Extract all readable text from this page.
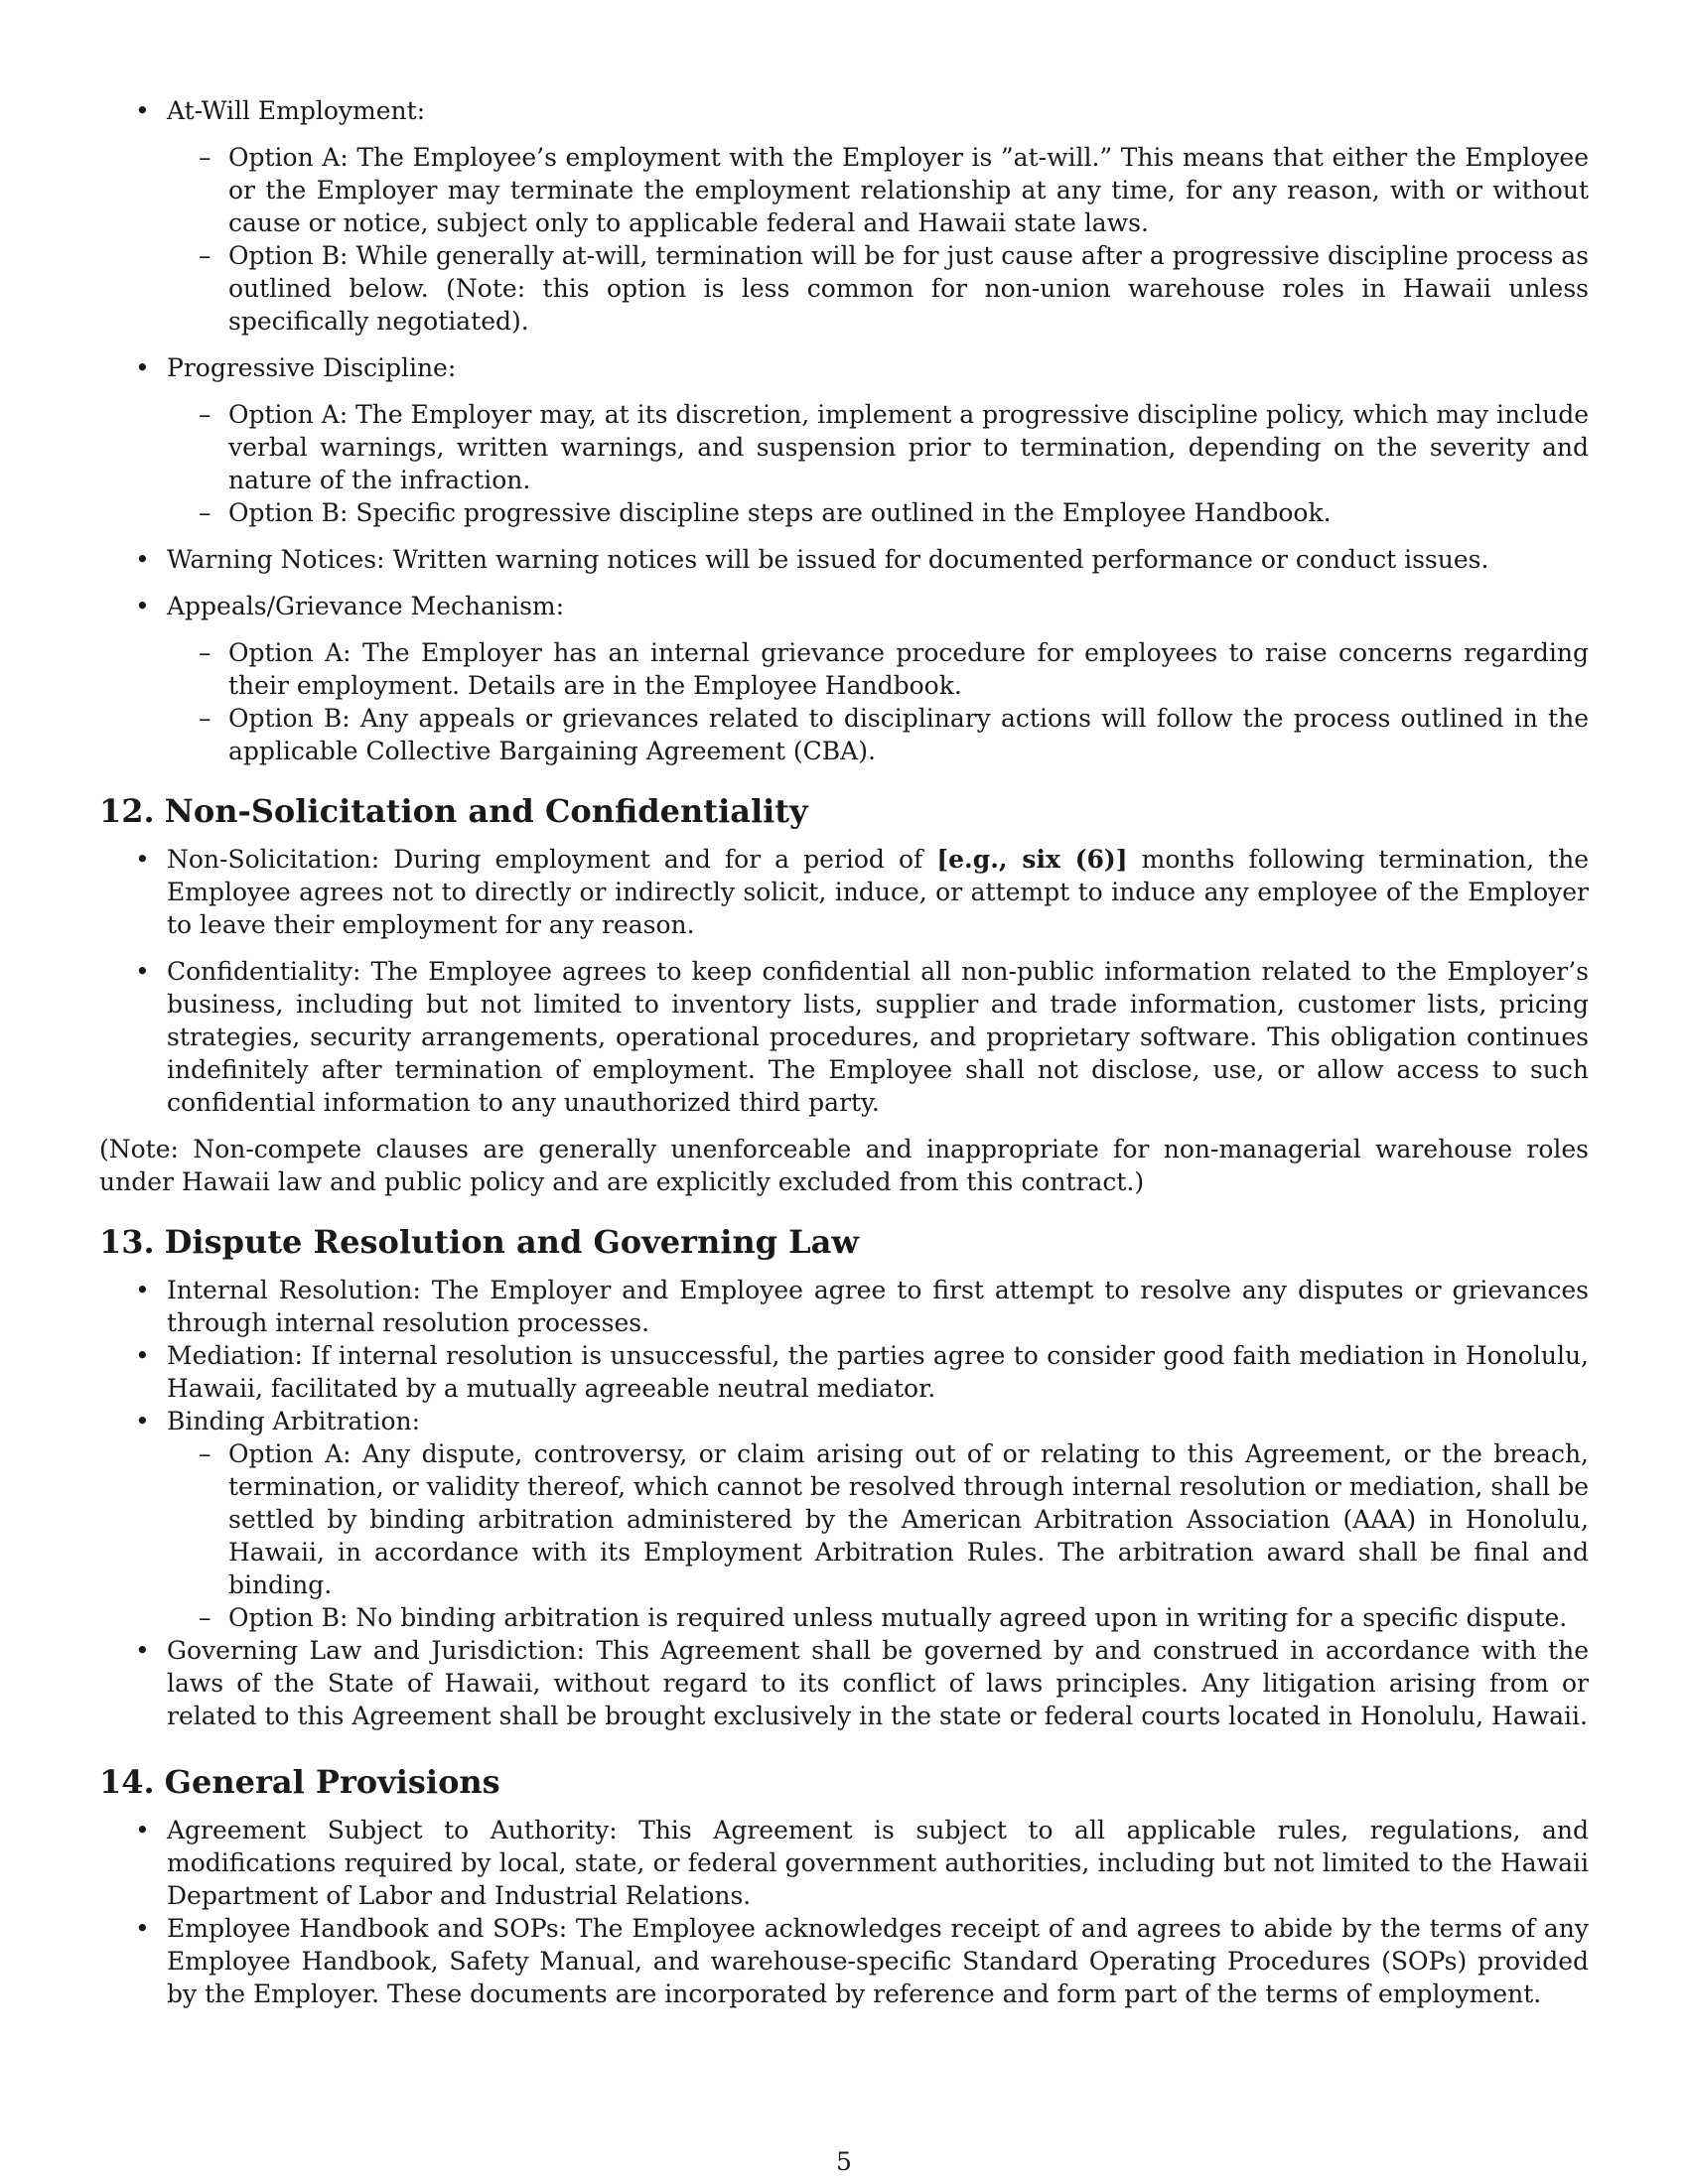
• At-Will Employment:
– Option A: The Employee’s employment with the Employer is ”at-will.” This means that either the Employee or the Employer may terminate the employment relationship at any time, for any reason, with or without cause or notice, subject only to applicable federal and Hawaii state laws.
– Option B: While generally at-will, termination will be for just cause after a progressive discipline process as outlined below. (Note: this option is less common for non-union warehouse roles in Hawaii unless specifically negotiated).
• Progressive Discipline:
– Option A: The Employer may, at its discretion, implement a progressive discipline policy, which may include verbal warnings, written warnings, and suspension prior to termination, depending on the severity and nature of the infraction.
– Option B: Specific progressive discipline steps are outlined in the Employee Handbook.
• Warning Notices: Written warning notices will be issued for documented performance or conduct issues.
• Appeals/Grievance Mechanism:
– Option A: The Employer has an internal grievance procedure for employees to raise concerns regarding their employment. Details are in the Employee Handbook.
– Option B: Any appeals or grievances related to disciplinary actions will follow the process outlined in the applicable Collective Bargaining Agreement (CBA).
12. Non-Solicitation and Confidentiality
• Non-Solicitation: During employment and for a period of [e.g., six (6)] months following termination, the Employee agrees not to directly or indirectly solicit, induce, or attempt to induce any employee of the Employer to leave their employment for any reason.
• Confidentiality: The Employee agrees to keep confidential all non-public information related to the Employer’s business, including but not limited to inventory lists, supplier and trade information, customer lists, pricing strategies, security arrangements, operational procedures, and proprietary software. This obligation continues indefinitely after termination of employment. The Employee shall not disclose, use, or allow access to such confidential information to any unauthorized third party.

(Note: Non-compete clauses are generally unenforceable and inappropriate for non-managerial warehouse roles under Hawaii law and public policy and are explicitly excluded from this contract.)

13. Dispute Resolution and Governing Law
• Internal Resolution: The Employer and Employee agree to first attempt to resolve any disputes or grievances through internal resolution processes.
• Mediation: If internal resolution is unsuccessful, the parties agree to consider good faith mediation in Honolulu, Hawaii, facilitated by a mutually agreeable neutral mediator.
• Binding Arbitration:
– Option A: Any dispute, controversy, or claim arising out of or relating to this Agreement, or the breach, termination, or validity thereof, which cannot be resolved through internal resolution or mediation, shall be settled by binding arbitration administered by the American Arbitration Association (AAA) in Honolulu, Hawaii, in accordance with its Employment Arbitration Rules. The arbitration award shall be final and binding.
– Option B: No binding arbitration is required unless mutually agreed upon in writing for a specific dispute.
• Governing Law and Jurisdiction: This Agreement shall be governed by and construed in accordance with the laws of the State of Hawaii, without regard to its conflict of laws principles. Any litigation arising from or related to this Agreement shall be brought exclusively in the state or federal courts located in Honolulu, Hawaii.
14. General Provisions
• Agreement Subject to Authority: This Agreement is subject to all applicable rules, regulations, and modifications required by local, state, or federal government authorities, including but not limited to the Hawaii Department of Labor and Industrial Relations.
• Employee Handbook and SOPs: The Employee acknowledges receipt of and agrees to abide by the terms of any Employee Handbook, Safety Manual, and warehouse-specific Standard Operating Procedures (SOPs) provided by the Employer. These documents are incorporated by reference and form part of the terms of employment.
5
